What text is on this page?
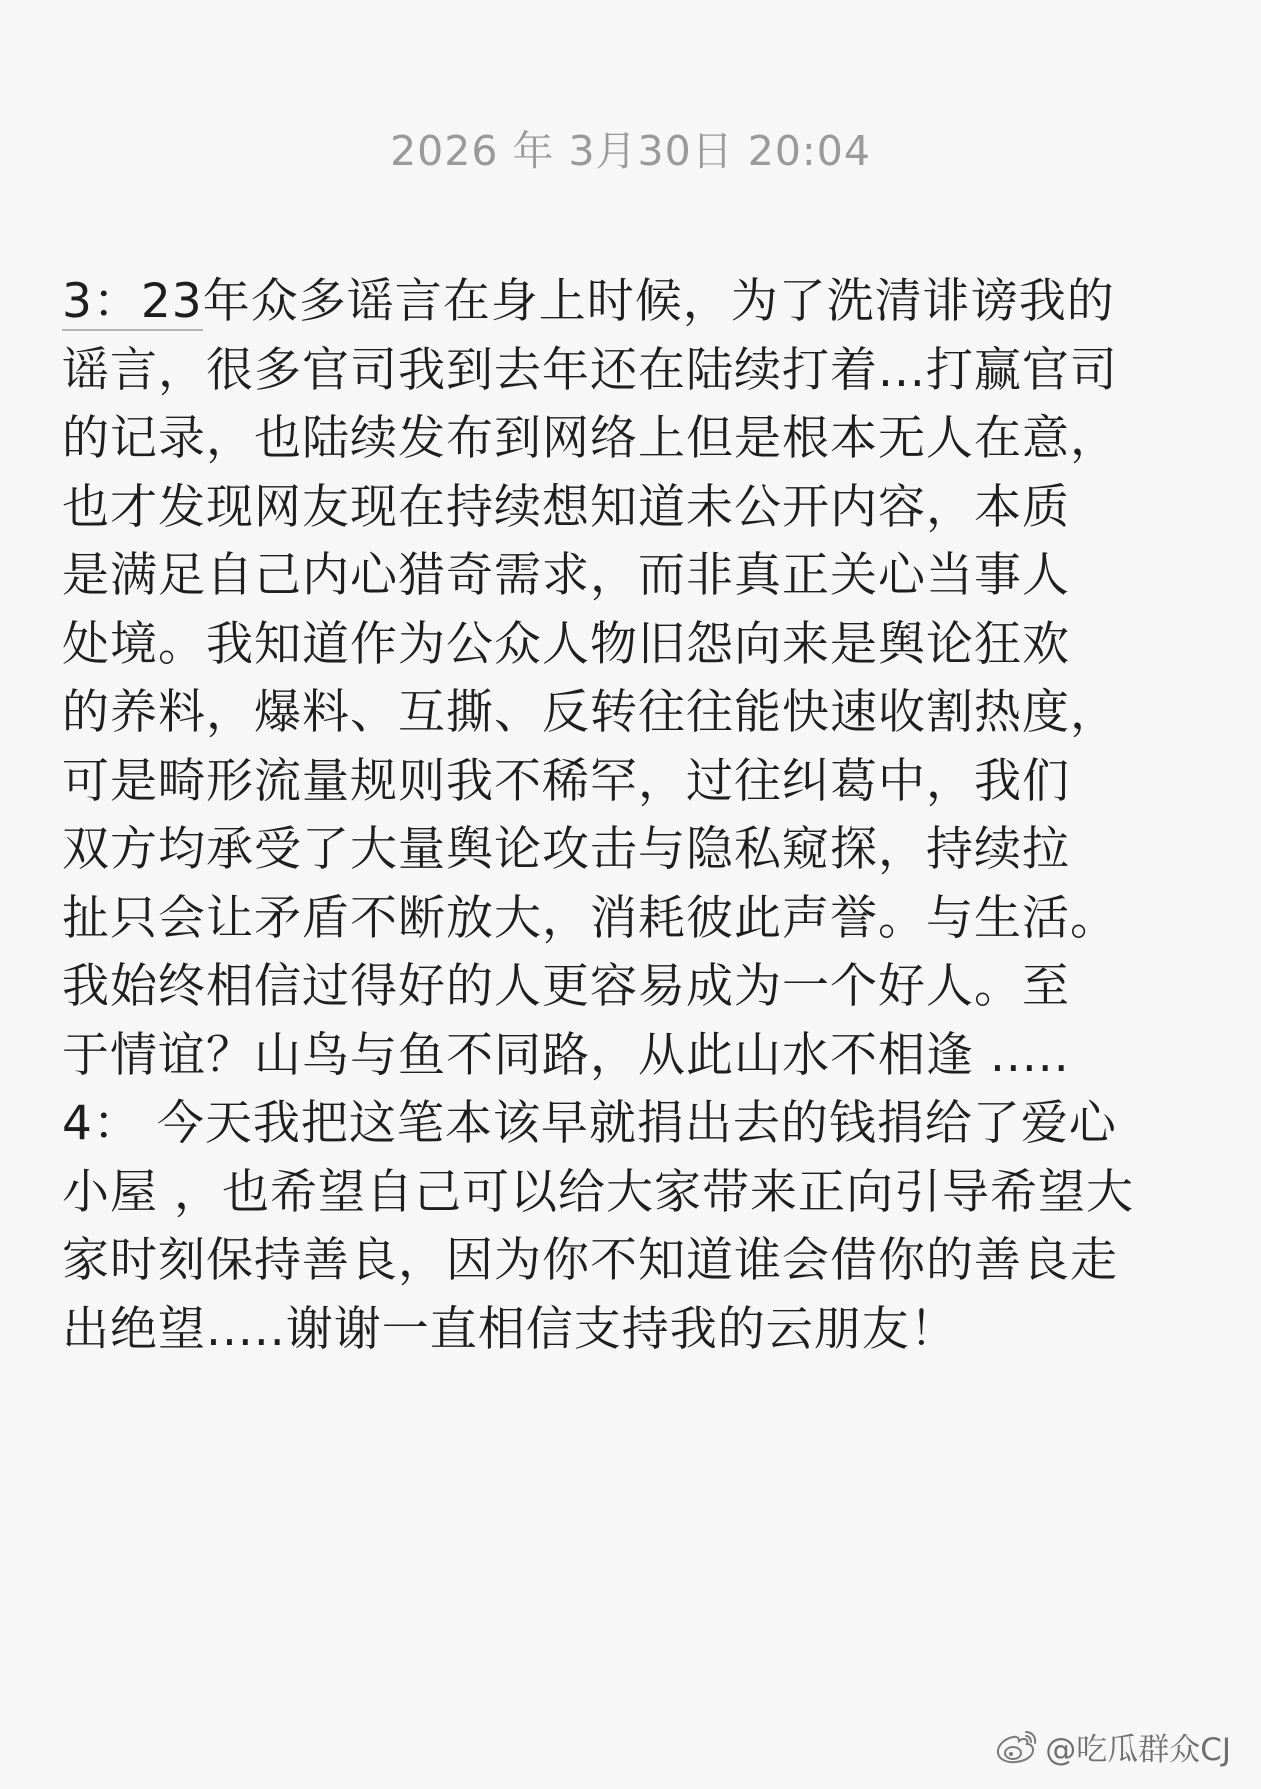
2026 年 3月30日 20:04
3：23年众多谣言在身上时候，为了洗清诽谤我的
谣言，很多官司我到去年还在陆续打着...打赢官司
的记录，也陆续发布到网络上但是根本无人在意，
也才发现网友现在持续想知道未公开内容，本质
是满足自己内心猎奇需求，而非真正关心当事人
处境。我知道作为公众人物旧怨向来是舆论狂欢
的养料，爆料、互撕、反转往往能快速收割热度，
可是畸形流量规则我不稀罕，过往纠葛中，我们
双方均承受了大量舆论攻击与隐私窥探，持续拉
扯只会让矛盾不断放大，消耗彼此声誉。与生活。
我始终相信过得好的人更容易成为一个好人。至
于情谊？山鸟与鱼不同路，从此山水不相逢 .....
4： 今天我把这笔本该早就捐出去的钱捐给了爱心
小屋 ，也希望自己可以给大家带来正向引导希望大
家时刻保持善良，因为你不知道谁会借你的善良走
出绝望.....谢谢一直相信支持我的云朋友！
@吃瓜群众CJ
